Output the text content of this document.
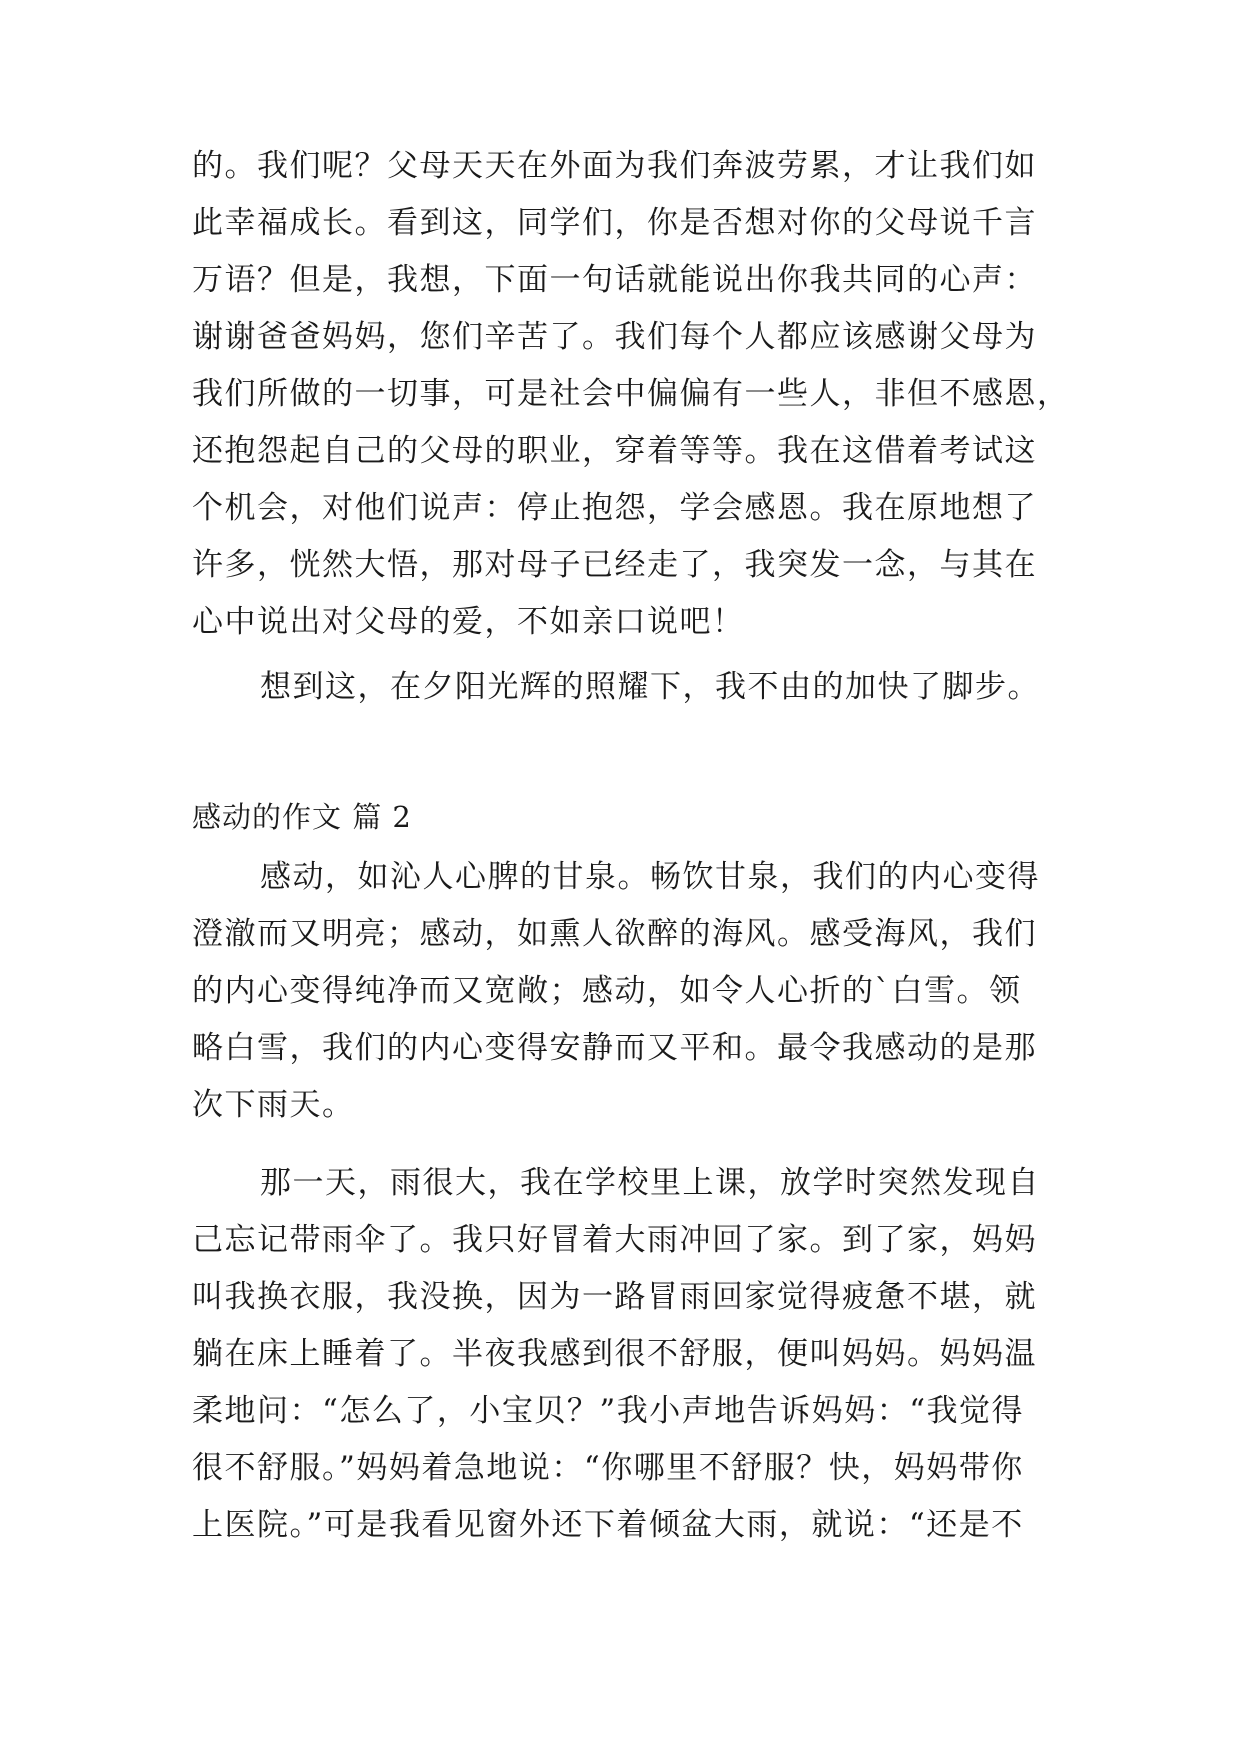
的。我们呢？父母天天在外面为我们奔波劳累，才让我们如
此幸福成长。看到这，同学们，你是否想对你的父母说千言
万语？但是，我想，下面一句话就能说出你我共同的心声：
谢谢爸爸妈妈，您们辛苦了。我们每个人都应该感谢父母为
我们所做的一切事，可是社会中偏偏有一些人，非但不感恩，
还抱怨起自己的父母的职业，穿着等等。我在这借着考试这
个机会，对他们说声：停止抱怨，学会感恩。我在原地想了
许多，恍然大悟，那对母子已经走了，我突发一念，与其在
心中说出对父母的爱，不如亲口说吧！
想到这，在夕阳光辉的照耀下，我不由的加快了脚步。
感动的作文 篇 2
感动，如沁人心脾的甘泉。畅饮甘泉，我们的内心变得
澄澈而又明亮；感动，如熏人欲醉的海风。感受海风，我们
的内心变得纯净而又宽敞；感动，如令人心折的`白雪。领
略白雪，我们的内心变得安静而又平和。最令我感动的是那
次下雨天。
那一天，雨很大，我在学校里上课，放学时突然发现自
己忘记带雨伞了。我只好冒着大雨冲回了家。到了家，妈妈
叫我换衣服，我没换，因为一路冒雨回家觉得疲惫不堪，就
躺在床上睡着了。半夜我感到很不舒服，便叫妈妈。妈妈温
柔地问：“怎么了，小宝贝？”我小声地告诉妈妈：“我觉得
很不舒服。”妈妈着急地说：“你哪里不舒服？快，妈妈带你
上医院。”可是我看见窗外还下着倾盆大雨，就说：“还是不
